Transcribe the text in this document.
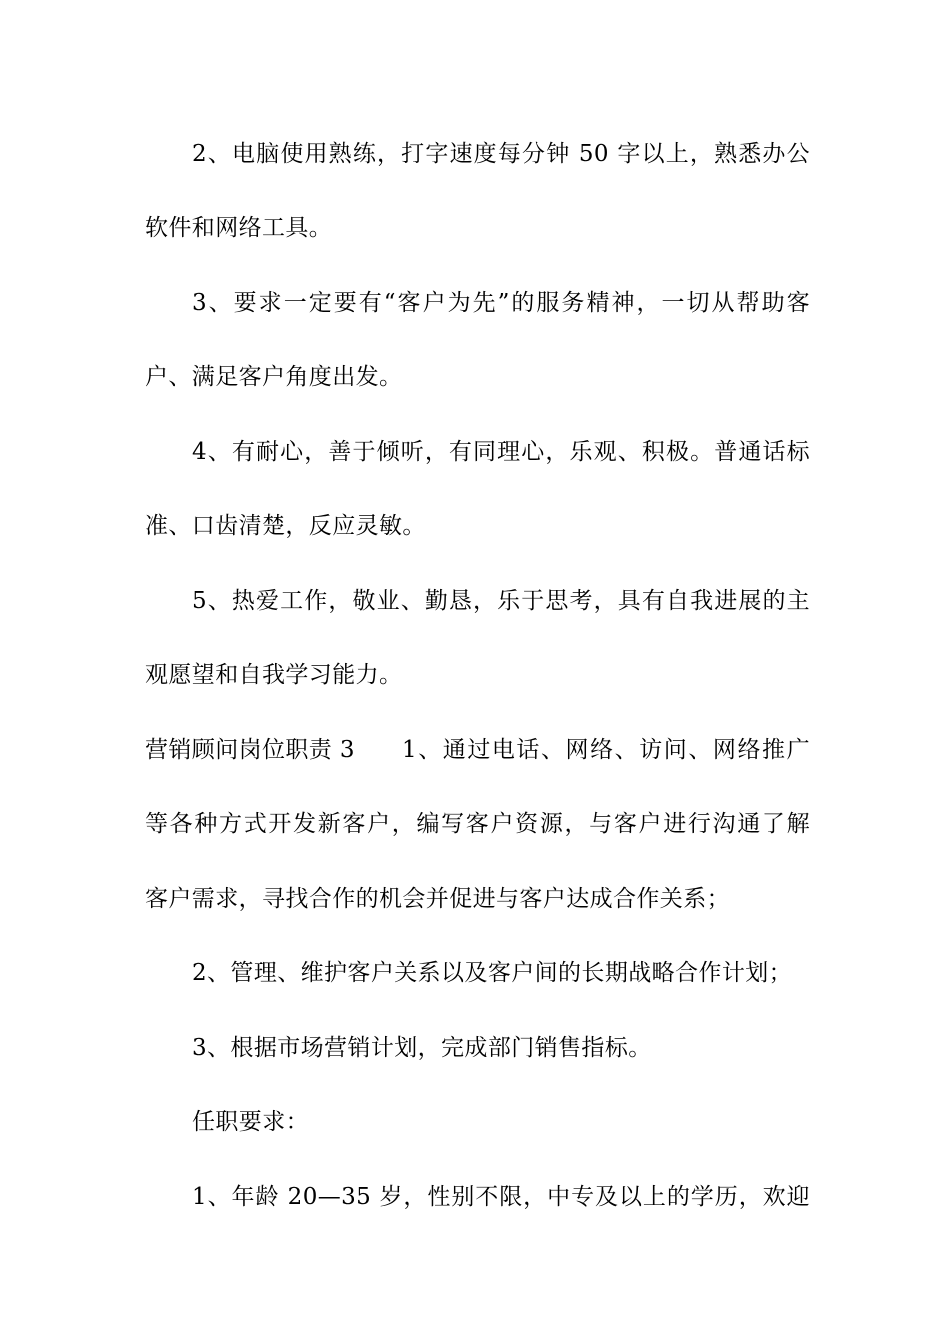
2、电脑使用熟练，打字速度每分钟 50 字以上，熟悉办公
软件和网络工具。
3、要求一定要有“客户为先”的服务精神，一切从帮助客
户、满足客户角度出发。
4、有耐心，善于倾听，有同理心，乐观、积极。普通话标
准、口齿清楚，反应灵敏。
5、热爱工作，敬业、勤恳，乐于思考，具有自我进展的主
观愿望和自我学习能力。
营销顾问岗位职责 3 1、通过电话、网络、访问、网络推广
等各种方式开发新客户，编写客户资源，与客户进行沟通了解
客户需求，寻找合作的机会并促进与客户达成合作关系；
2、管理、维护客户关系以及客户间的长期战略合作计划；
3、根据市场营销计划，完成部门销售指标。
任职要求：
1、年龄 20—35 岁，性别不限，中专及以上的学历，欢迎
